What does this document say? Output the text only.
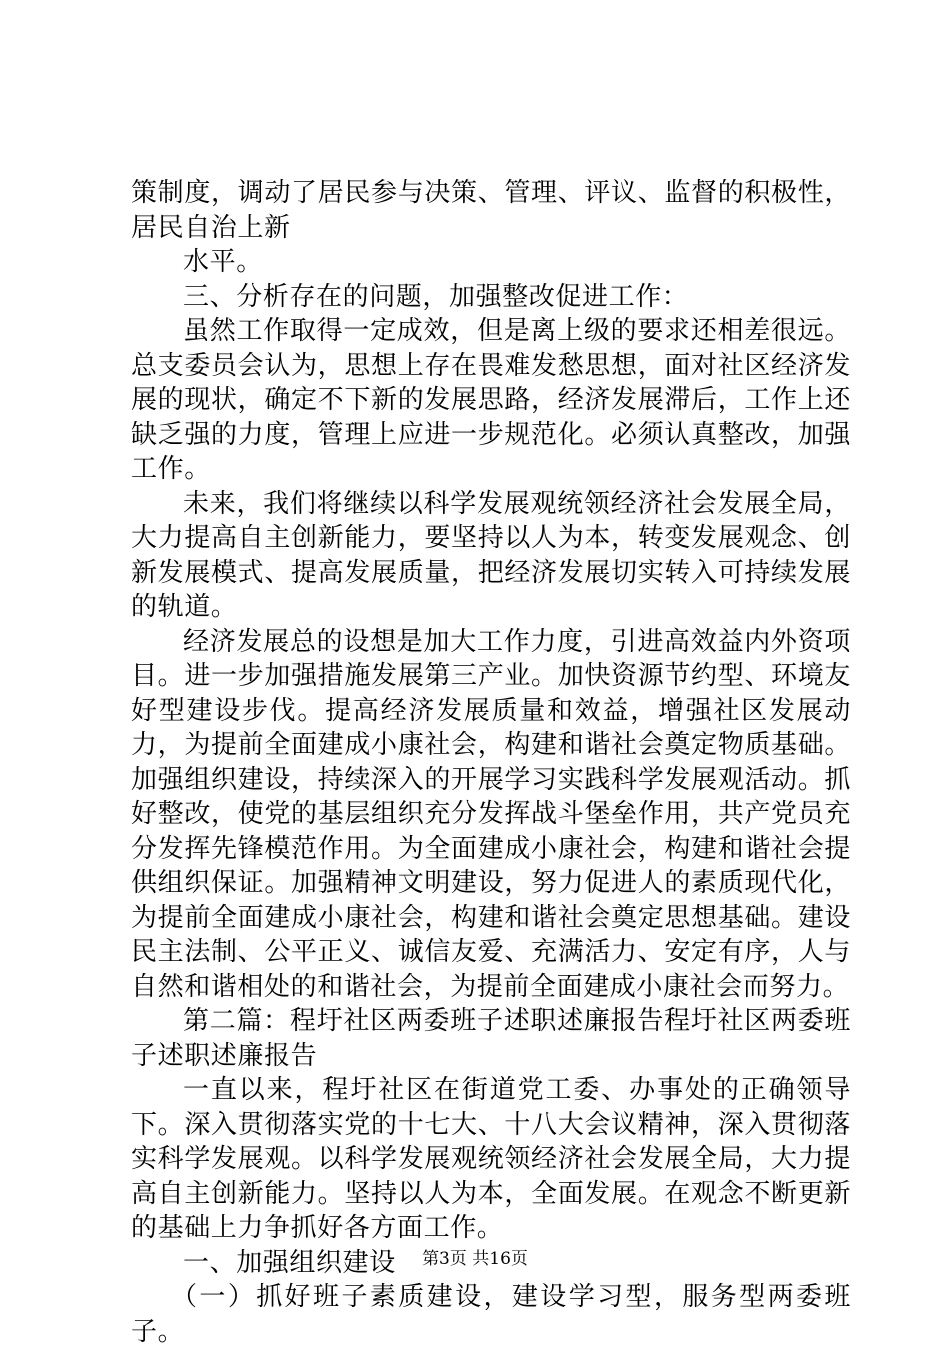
策制度，调动了居民参与决策、管理、评议、监督的积极性，居民自治上新

水平。

三、分析存在的问题，加强整改促进工作：

虽然工作取得一定成效，但是离上级的要求还相差很远。总支委员会认为，思想上存在畏难发愁思想，面对社区经济发展的现状，确定不下新的发展思路，经济发展滞后，工作上还缺乏强的力度，管理上应进一步规范化。必须认真整改，加强工作。

未来，我们将继续以科学发展观统领经济社会发展全局，大力提高自主创新能力，要坚持以人为本，转变发展观念、创新发展模式、提高发展质量，把经济发展切实转入可持续发展的轨道。

经济发展总的设想是加大工作力度，引进高效益内外资项目。进一步加强措施发展第三产业。加快资源节约型、环境友好型建设步伐。提高经济发展质量和效益，增强社区发展动力，为提前全面建成小康社会，构建和谐社会奠定物质基础。加强组织建设，持续深入的开展学习实践科学发展观活动。抓好整改，使党的基层组织充分发挥战斗堡垒作用，共产党员充分发挥先锋模范作用。为全面建成小康社会，构建和谐社会提供组织保证。加强精神文明建设，努力促进人的素质现代化，为提前全面建成小康社会，构建和谐社会奠定思想基础。建设民主法制、公平正义、诚信友爱、充满活力、安定有序，人与自然和谐相处的和谐社会，为提前全面建成小康社会而努力。

第二篇：程圩社区两委班子述职述廉报告程圩社区两委班子述职述廉报告

一直以来，程圩社区在街道党工委、办事处的正确领导下。深入贯彻落实党的十七大、十八大会议精神，深入贯彻落实科学发展观。以科学发展观统领经济社会发展全局，大力提高自主创新能力。坚持以人为本，全面发展。在观念不断更新的基础上力争抓好各方面工作。

一、加强组织建设

（一）抓好班子素质建设，建设学习型，服务型两委班子。

第3页 共16页
